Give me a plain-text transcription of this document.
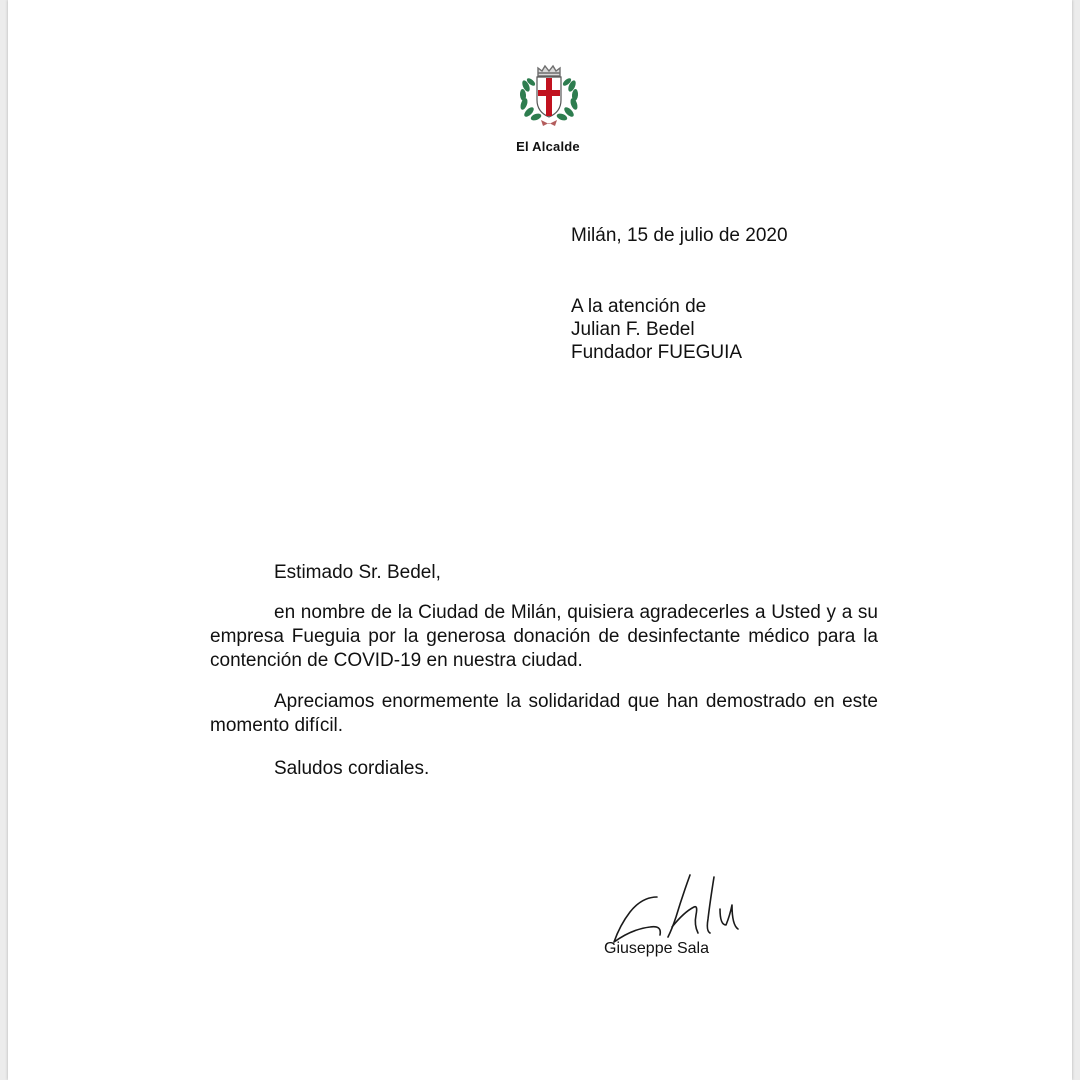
El Alcalde
Milán, 15 de julio de 2020
A la atención de
Julian F. Bedel
Fundador FUEGUIA
Estimado Sr. Bedel,
en nombre de la Ciudad de Milán, quisiera agradecerles a Usted y a su empresa Fueguia por la generosa donación de desinfectante médico para la contención de COVID-19 en nuestra ciudad.
Apreciamos enormemente la solidaridad que han demostrado en este momento difícil.
Saludos cordiales.
Giuseppe Sala
